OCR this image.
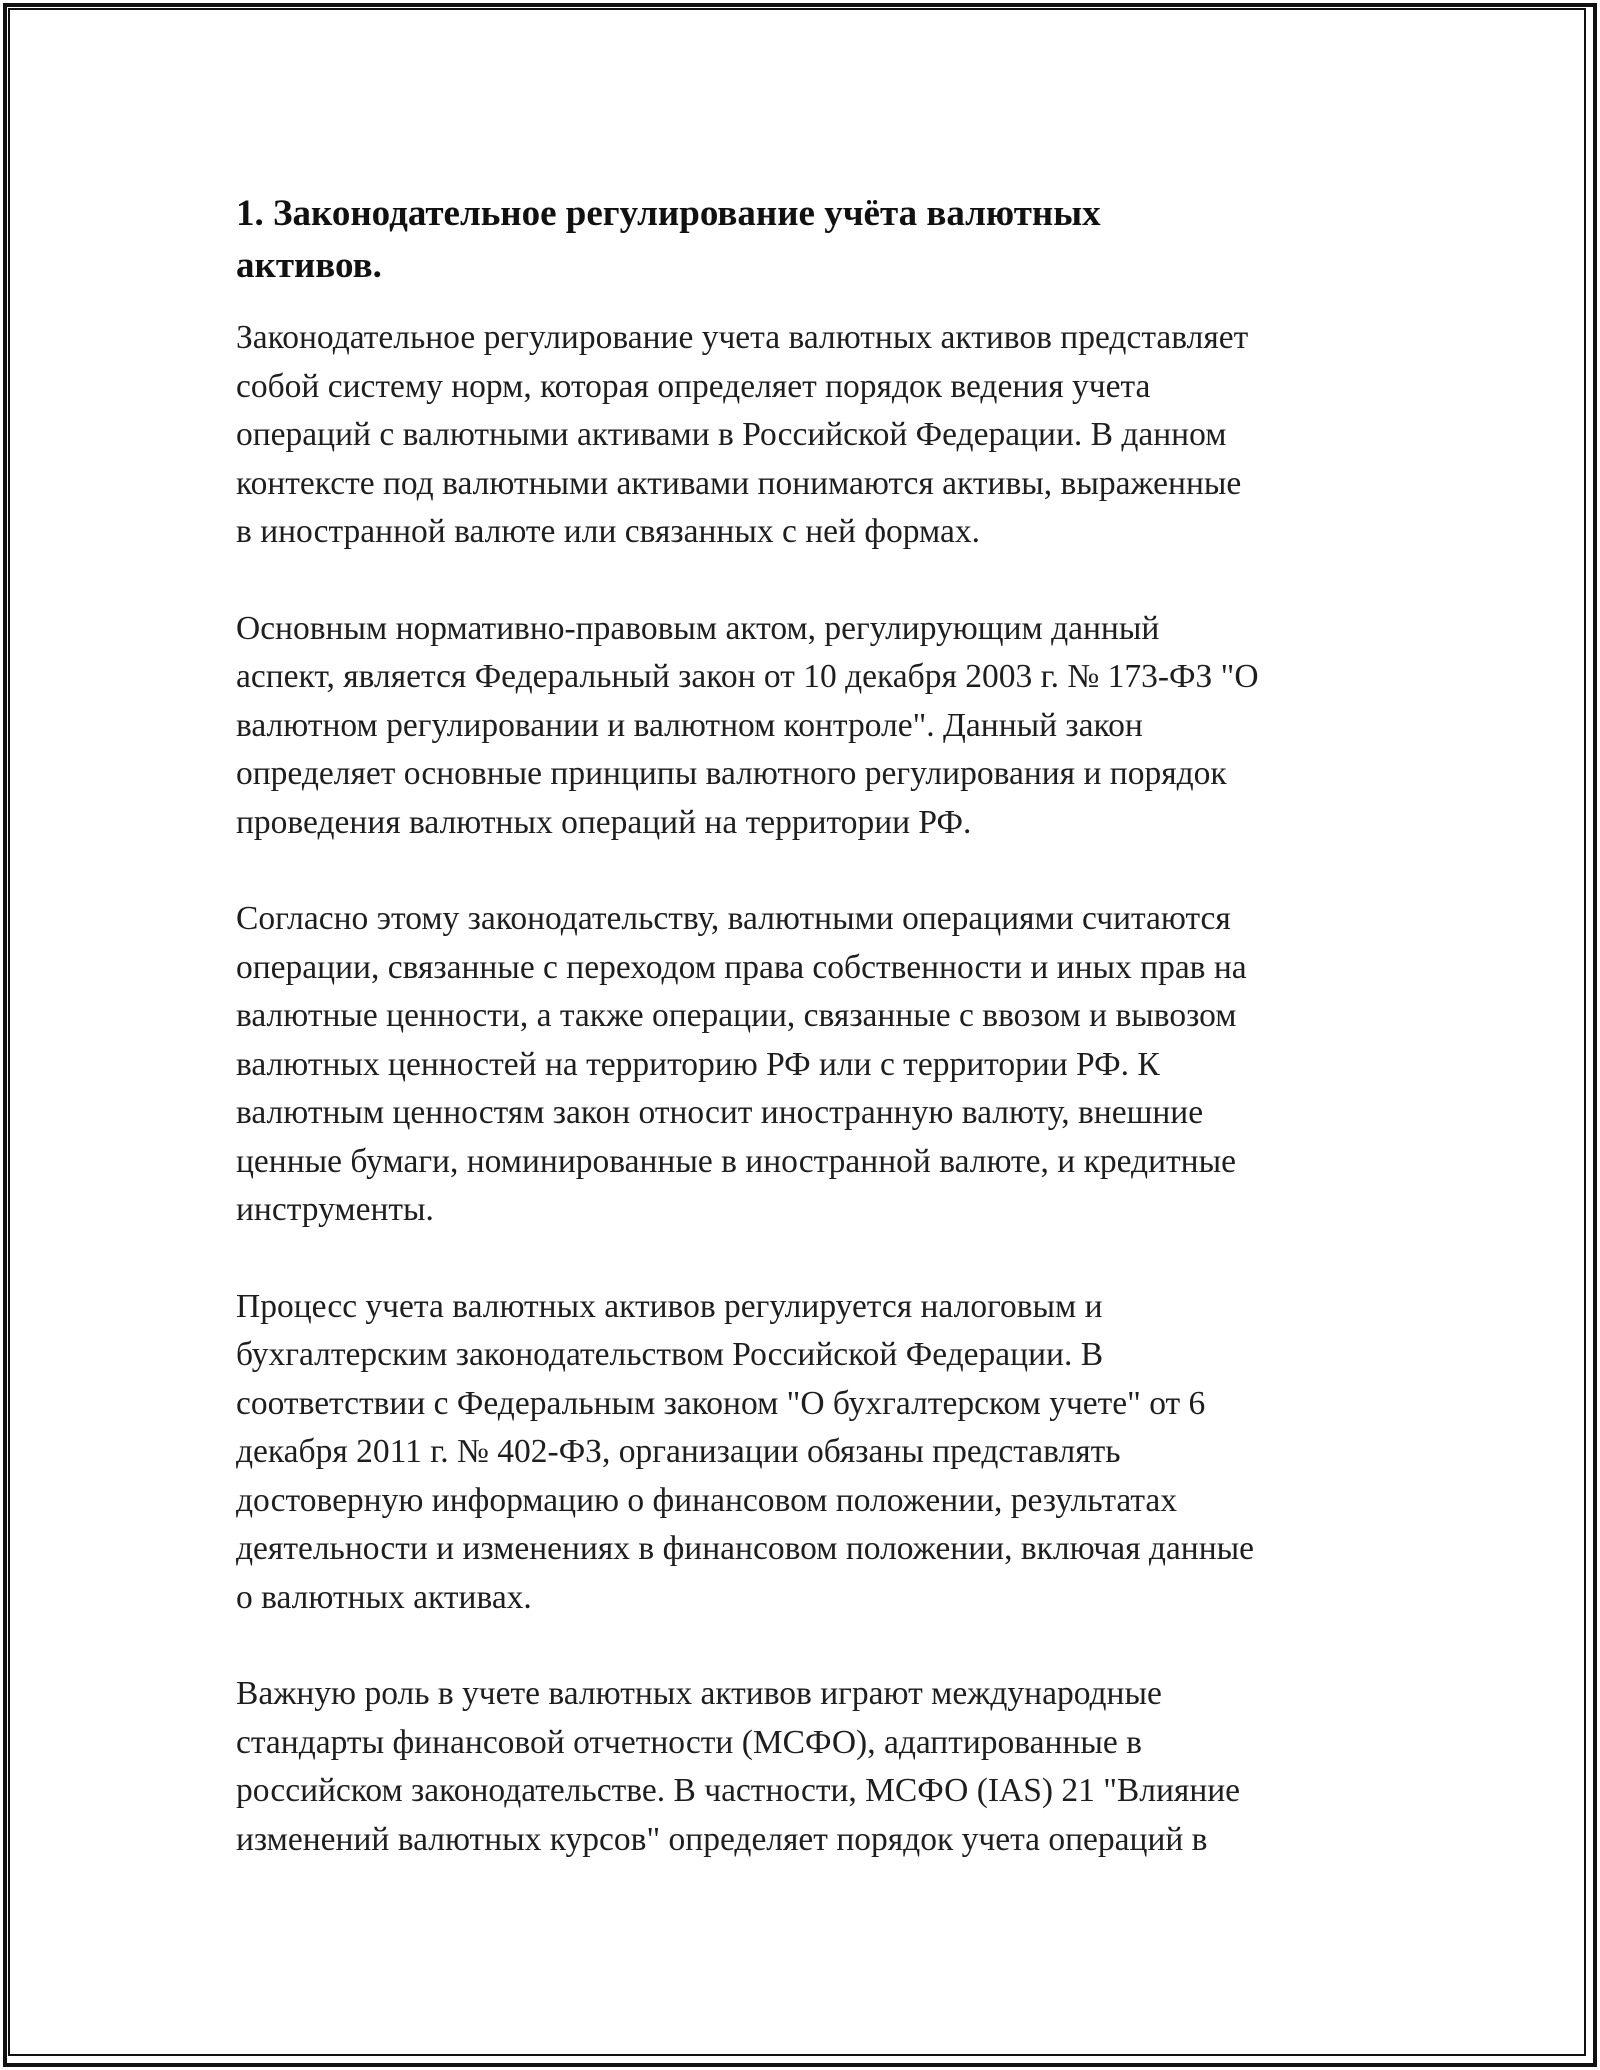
1. Законодательное регулирование учёта валютных
активов.

Законодательное регулирование учета валютных активов представляет
собой систему норм, которая определяет порядок ведения учета
операций с валютными активами в Российской Федерации. В данном
контексте под валютными активами понимаются активы, выраженные
в иностранной валюте или связанных с ней формах.

Основным нормативно-правовым актом, регулирующим данный
аспект, является Федеральный закон от 10 декабря 2003 г. № 173-ФЗ "О
валютном регулировании и валютном контроле". Данный закон
определяет основные принципы валютного регулирования и порядок
проведения валютных операций на территории РФ.

Согласно этому законодательству, валютными операциями считаются
операции, связанные с переходом права собственности и иных прав на
валютные ценности, а также операции, связанные с ввозом и вывозом
валютных ценностей на территорию РФ или с территории РФ. К
валютным ценностям закон относит иностранную валюту, внешние
ценные бумаги, номинированные в иностранной валюте, и кредитные
инструменты.

Процесс учета валютных активов регулируется налоговым и
бухгалтерским законодательством Российской Федерации. В
соответствии с Федеральным законом "О бухгалтерском учете" от 6
декабря 2011 г. № 402-ФЗ, организации обязаны представлять
достоверную информацию о финансовом положении, результатах
деятельности и изменениях в финансовом положении, включая данные
о валютных активах.

Важную роль в учете валютных активов играют международные
стандарты финансовой отчетности (МСФО), адаптированные в
российском законодательстве. В частности, МСФО (IAS) 21 "Влияние
изменений валютных курсов" определяет порядок учета операций в
